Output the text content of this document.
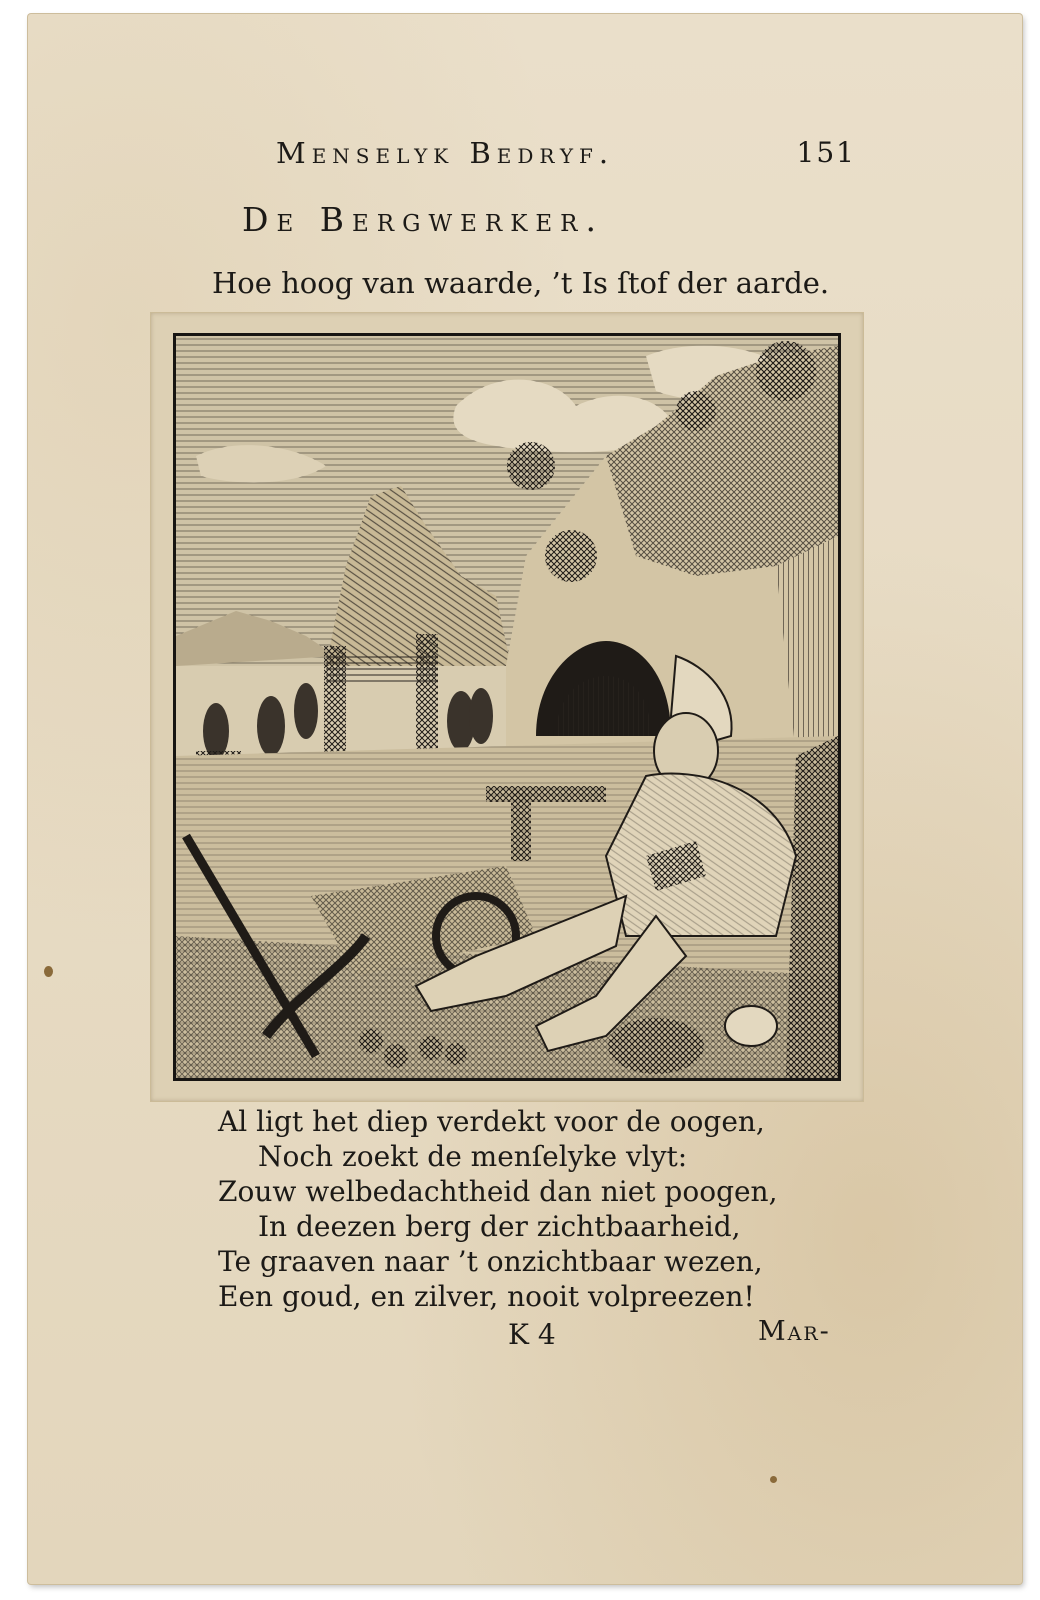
Menselyk Bedryf.	151
De Bergwerker.
Hoe hoog van waarde, ’t Is ſtof der aarde.
Al ligt het diep verdekt voor de oogen,
Noch zoekt de menſelyke vlyt:
Zouw welbedachtheid dan niet poogen,
In deezen berg der zichtbaarheid,
Te graaven naar ’t onzichtbaar wezen,
Een goud, en zilver, nooit volpreezen!
K 4	Mar-
